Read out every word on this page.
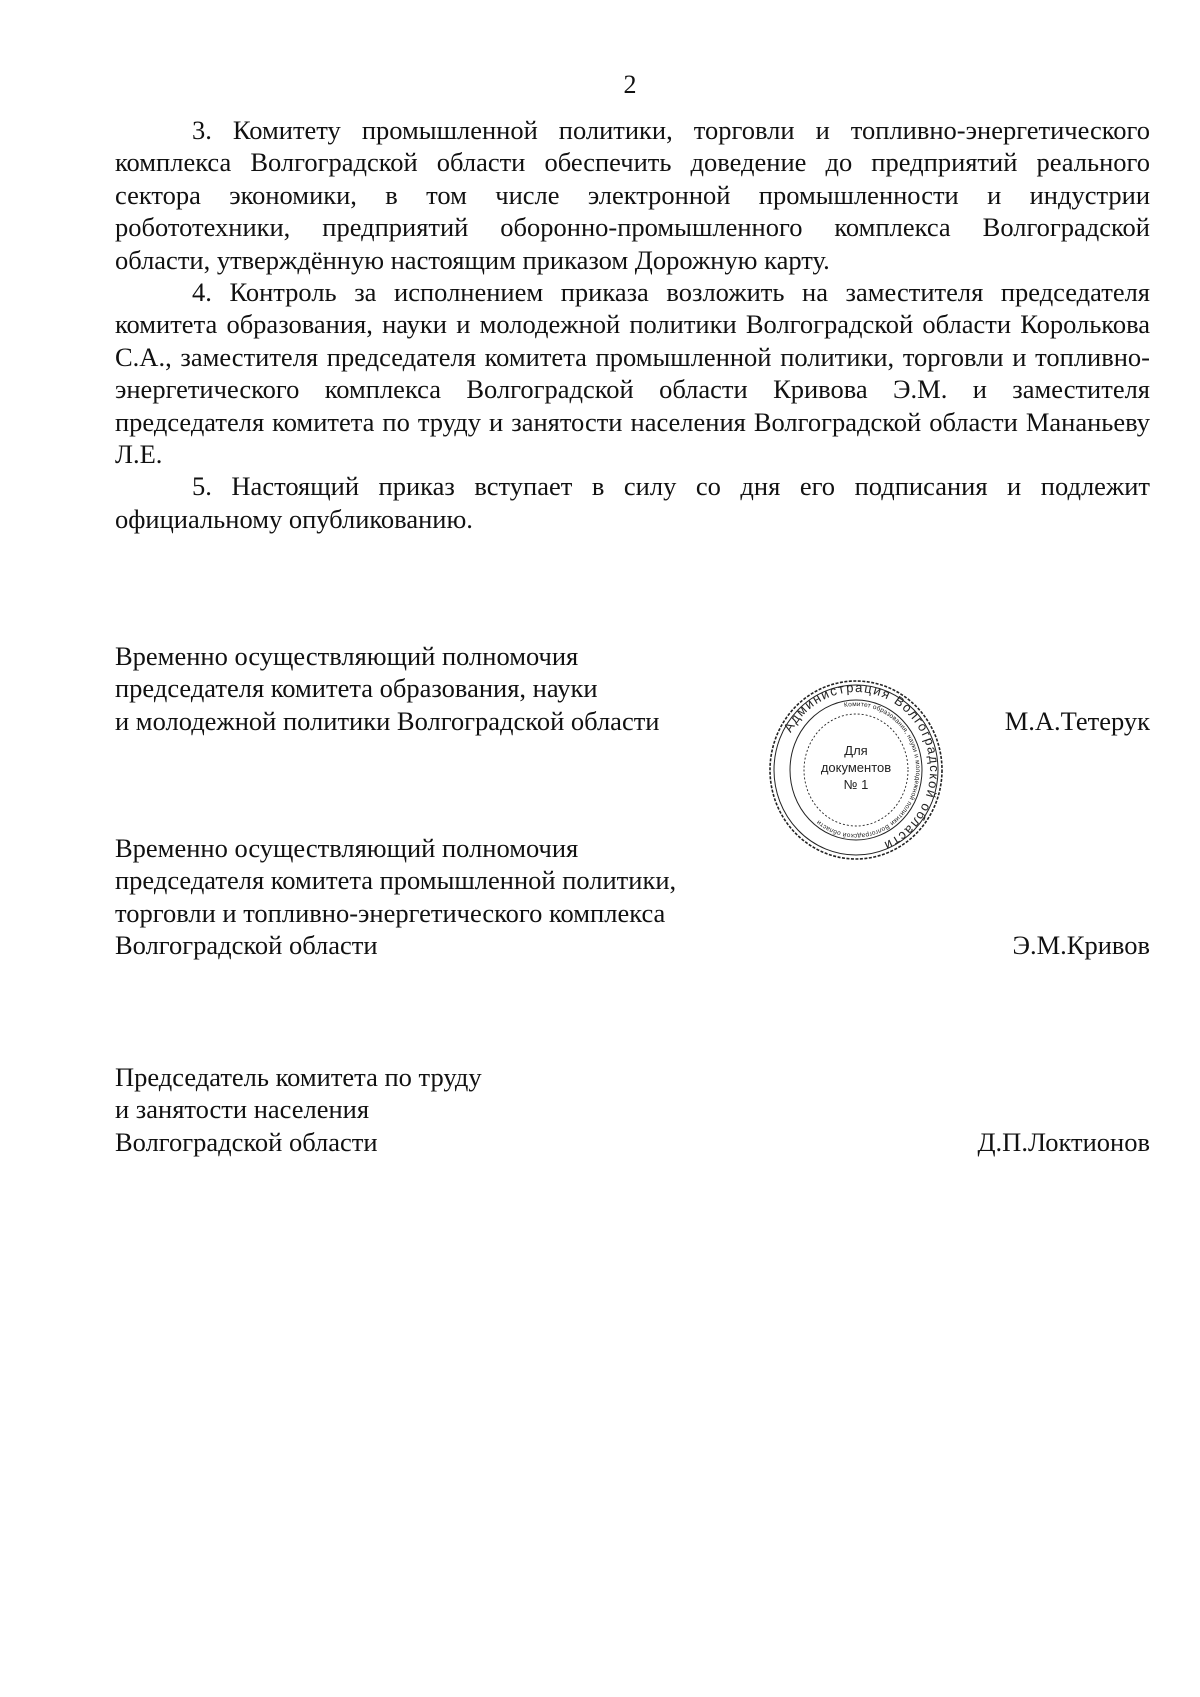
2

3. Комитету промышленной политики, торговли и топливно-энергетического комплекса Волгоградской области обеспечить доведение до предприятий реального сектора экономики, в том числе электронной промышленности и индустрии робототехники, предприятий оборонно-промышленного комплекса Волгоградской области, утверждённую настоящим приказом Дорожную карту.

4. Контроль за исполнением приказа возложить на заместителя председателя комитета образования, науки и молодежной политики Волгоградской области Королькова С.А., заместителя председателя комитета промышленной политики, торговли и топливно-энергетического комплекса Волгоградской области Кривова Э.М. и заместителя председателя комитета по труду и занятости населения Волгоградской области Мананьеву Л.Е.

5. Настоящий приказ вступает в силу со дня его подписания и подлежит официальному опубликованию.

Временно осуществляющий полномочия
председателя комитета образования, науки
и молодежной политики Волгоградской области	М.А.Тетерук
Администрация Волгоградской области
Комитет образования, науки и молодежной политики Волгоградской области
Для
документов
№ 1
Временно осуществляющий полномочия
председателя комитета промышленной политики,
торговли и топливно-энергетического комплекса
Волгоградской области	Э.М.Кривов
Председатель комитета по труду
и занятости населения
Волгоградской области	Д.П.Локтионов
